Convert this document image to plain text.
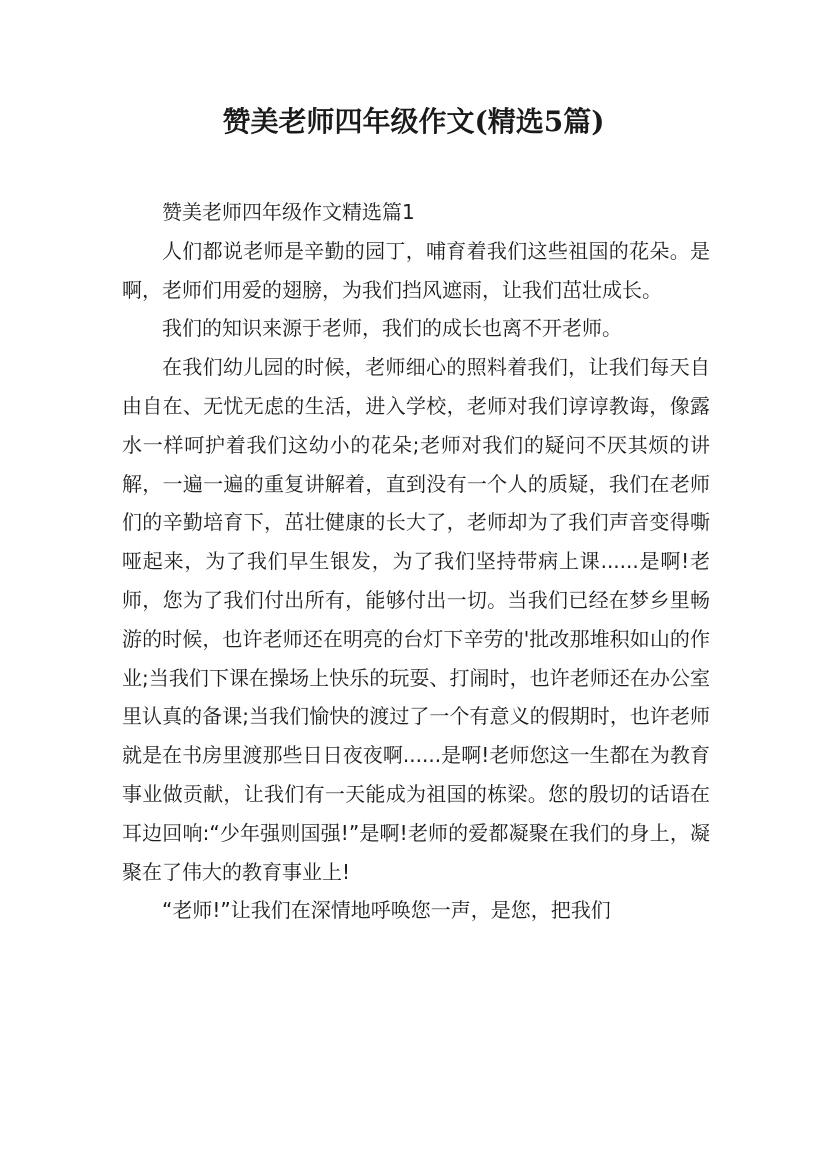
赞美老师四年级作文(精选5篇)

赞美老师四年级作文精选篇1

人们都说老师是辛勤的园丁，哺育着我们这些祖国的花朵。是啊，老师们用爱的翅膀，为我们挡风遮雨，让我们茁壮成长。

我们的知识来源于老师，我们的成长也离不开老师。

在我们幼儿园的时候，老师细心的照料着我们，让我们每天自由自在、无忧无虑的生活，进入学校，老师对我们谆谆教诲，像露水一样呵护着我们这幼小的花朵;老师对我们的疑问不厌其烦的讲解，一遍一遍的重复讲解着，直到没有一个人的质疑，我们在老师们的辛勤培育下，茁壮健康的长大了，老师却为了我们声音变得嘶哑起来，为了我们早生银发，为了我们坚持带病上课......是啊!老师，您为了我们付出所有，能够付出一切。当我们已经在梦乡里畅游的时候，也许老师还在明亮的台灯下辛劳的'批改那堆积如山的作业;当我们下课在操场上快乐的玩耍、打闹时，也许老师还在办公室里认真的备课;当我们愉快的渡过了一个有意义的假期时，也许老师就是在书房里渡那些日日夜夜啊......是啊!老师您这一生都在为教育事业做贡献，让我们有一天能成为祖国的栋梁。您的殷切的话语在耳边回响:“少年强则国强!”是啊!老师的爱都凝聚在我们的身上，凝聚在了伟大的教育事业上!

“老师!”让我们在深情地呼唤您一声，是您，把我们
